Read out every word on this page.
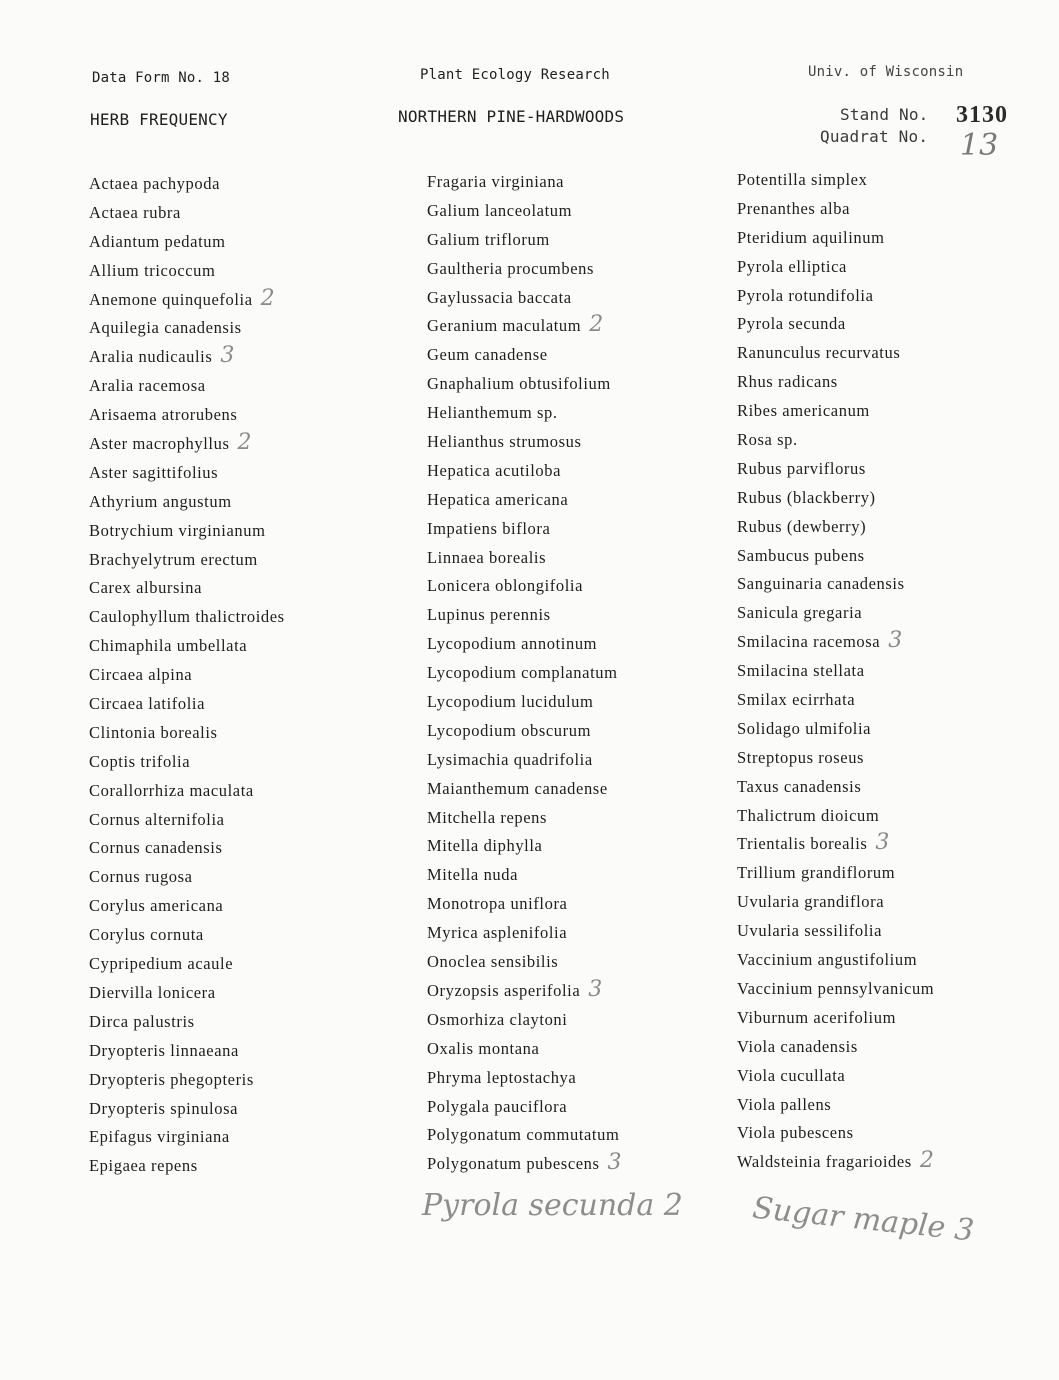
Data Form No. 18	Plant Ecology Research	Univ. of Wisconsin
HERB FREQUENCY	NORTHERN PINE-HARDWOODS	Stand No. 3130
Quadrat No. 13
Actaea pachypoda
Actaea rubra
Adiantum pedatum
Allium tricoccum
Anemone quinquefolia 2
Aquilegia canadensis
Aralia nudicaulis 3
Aralia racemosa
Arisaema atrorubens
Aster macrophyllus 2
Aster sagittifolius
Athyrium angustum
Botrychium virginianum
Brachyelytrum erectum
Carex albursina
Caulophyllum thalictroides
Chimaphila umbellata
Circaea alpina
Circaea latifolia
Clintonia borealis
Coptis trifolia
Corallorrhiza maculata
Cornus alternifolia
Cornus canadensis
Cornus rugosa
Corylus americana
Corylus cornuta
Cypripedium acaule
Diervilla lonicera
Dirca palustris
Dryopteris linnaeana
Dryopteris phegopteris
Dryopteris spinulosa
Epifagus virginiana
Epigaea repens
Fragaria virginiana
Galium lanceolatum
Galium triflorum
Gaultheria procumbens
Gaylussacia baccata
Geranium maculatum 2
Geum canadense
Gnaphalium obtusifolium
Helianthemum sp.
Helianthus strumosus
Hepatica acutiloba
Hepatica americana
Impatiens biflora
Linnaea borealis
Lonicera oblongifolia
Lupinus perennis
Lycopodium annotinum
Lycopodium complanatum
Lycopodium lucidulum
Lycopodium obscurum
Lysimachia quadrifolia
Maianthemum canadense
Mitchella repens
Mitella diphylla
Mitella nuda
Monotropa uniflora
Myrica asplenifolia
Onoclea sensibilis
Oryzopsis asperifolia 3
Osmorhiza claytoni
Oxalis montana
Phryma leptostachya
Polygala pauciflora
Polygonatum commutatum
Polygonatum pubescens 3
Potentilla simplex
Prenanthes alba
Pteridium aquilinum
Pyrola elliptica
Pyrola rotundifolia
Pyrola secunda
Ranunculus recurvatus
Rhus radicans
Ribes americanum
Rosa sp.
Rubus parviflorus
Rubus (blackberry)
Rubus (dewberry)
Sambucus pubens
Sanguinaria canadensis
Sanicula gregaria
Smilacina racemosa 3
Smilacina stellata
Smilax ecirrhata
Solidago ulmifolia
Streptopus roseus
Taxus canadensis
Thalictrum dioicum
Trientalis borealis 3
Trillium grandiflorum
Uvularia grandiflora
Uvularia sessilifolia
Vaccinium angustifolium
Vaccinium pennsylvanicum
Viburnum acerifolium
Viola canadensis
Viola cucullata
Viola pallens
Viola pubescens
Waldsteinia fragarioides 2
Pyrola secunda 2 Sugar maple 3
